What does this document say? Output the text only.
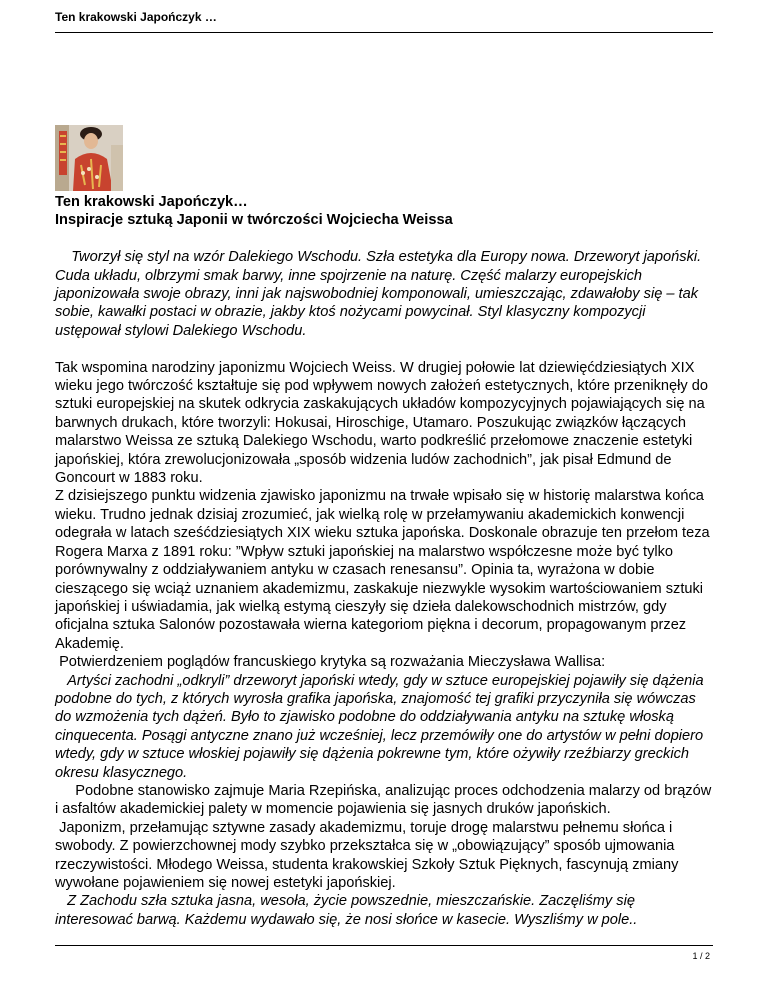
Ten krakowski Japończyk …

Ten krakowski Japończyk…

Inspiracje sztuką Japonii w twórczości Wojciecha Weissa

Tworzył się styl na wzór Dalekiego Wschodu. Szła estetyka dla Europy nowa. Drzeworyt japoński. Cuda układu, olbrzymi smak barwy, inne spojrzenie na naturę. Część malarzy europejskich japonizowała swoje obrazy, inni jak najswobodniej komponowali, umieszczając, zdawałoby się – tak sobie, kawałki postaci w obrazie, jakby ktoś nożycami powycinał. Styl klasyczny kompozycji ustępował stylowi Dalekiego Wschodu.

Tak wspomina narodziny japonizmu Wojciech Weiss. W drugiej połowie lat dziewięćdziesiątych XIX wieku jego twórczość kształtuje się pod wpływem nowych założeń estetycznych, które przeniknęły do sztuki europejskiej na skutek odkrycia zaskakujących układów kompozycyjnych pojawiających się na barwnych drukach, które tworzyli: Hokusai, Hiroschige, Utamaro. Poszukując związków łączących malarstwo Weissa ze sztuką Dalekiego Wschodu, warto podkreślić przełomowe znaczenie estetyki japońskiej, która zrewolucjonizowała „sposób widzenia ludów zachodnich”, jak pisał Edmund de Goncourt w 1883 roku.

Z dzisiejszego punktu widzenia zjawisko japonizmu na trwałe wpisało się w historię malarstwa końca wieku. Trudno jednak dzisiaj zrozumieć, jak wielką rolę w przełamywaniu akademickich konwencji odegrała w latach sześćdziesiątych XIX wieku sztuka japońska. Doskonale obrazuje ten przełom teza Rogera Marxa z 1891 roku: ”Wpływ sztuki japońskiej na malarstwo współczesne może być tylko porównywalny z oddziaływaniem antyku w czasach renesansu”. Opinia ta, wyrażona w dobie cieszącego się wciąż uznaniem akademizmu, zaskakuje niezwykle wysokim wartościowaniem sztuki japońskiej i uświadamia, jak wielką estymą cieszyły się dzieła dalekowschodnich mistrzów, gdy oficjalna sztuka Salonów pozostawała wierna kategoriom piękna i decorum, propagowanym przez Akademię.

Potwierdzeniem poglądów francuskiego krytyka są rozważania Mieczysława Wallisa:

Artyści zachodni „odkryli” drzeworyt japoński wtedy, gdy w sztuce europejskiej pojawiły się dążenia podobne do tych, z których wyrosła grafika japońska, znajomość tej grafiki przyczyniła się wówczas do wzmożenia tych dążeń. Było to zjawisko podobne do oddziaływania antyku na sztukę włoską cinquecenta. Posągi antyczne znano już wcześniej, lecz przemówiły one do artystów w pełni dopiero wtedy, gdy w sztuce włoskiej pojawiły się dążenia pokrewne tym, które ożywiły rzeźbiarzy greckich okresu klasycznego.

Podobne stanowisko zajmuje Maria Rzepińska, analizując proces odchodzenia malarzy od brązów i asfaltów akademickiej palety w momencie pojawienia się jasnych druków japońskich.

Japonizm, przełamując sztywne zasady akademizmu, toruje drogę malarstwu pełnemu słońca i swobody. Z powierzchownej mody szybko przekształca się w „obowiązujący” sposób ujmowania rzeczywistości. Młodego Weissa, studenta krakowskiej Szkoły Sztuk Pięknych, fascynują zmiany wywołane pojawieniem się nowej estetyki japońskiej.

Z Zachodu szła sztuka jasna, wesoła, życie powszednie, mieszczańskie. Zaczęliśmy się interesować barwą. Każdemu wydawało się, że nosi słońce w kasecie. Wyszliśmy w pole..

1 / 2
